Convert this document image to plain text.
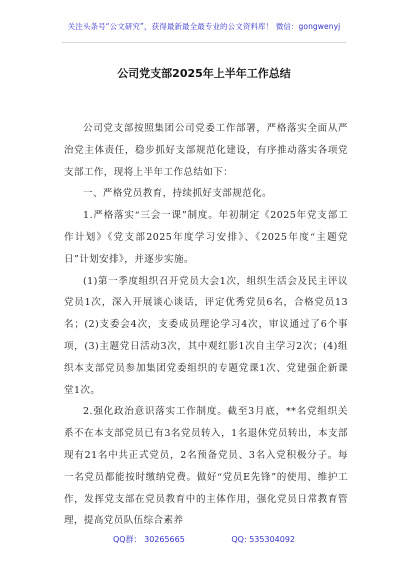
关注头条号“公文研究”，获得最新最全最专业的公文资料库！ 微信：gongwenyj
公司党支部2025年上半年工作总结

公司党支部按照集团公司党委工作部署，严格落实全面从严治党主体责任，稳步抓好支部规范化建设，有序推动落实各项党支部工作，现将上半年工作总结如下：

一、严格党员教育，持续抓好支部规范化。

1.严格落实“三会一课”制度。年初制定《2025年党支部工作计划》《党支部2025年度学习安排》、《2025年度“主题党日”计划安排》，并逐步实施。

(1)第一季度组织召开党员大会1次，组织生活会及民主评议党员1次，深入开展谈心谈话，评定优秀党员6名，合格党员13名；(2)支委会4次，支委成员理论学习4次，审议通过了6个事项，(3)主题党日活动3次，其中观红影1次自主学习2次；(4)组织本支部党员参加集团党委组织的专题党课1次、党建强企新课堂1次。

2.强化政治意识落实工作制度。截至3月底，**名党组织关系不在本支部党员已有3名党员转入，1名退休党员转出，本支部现有21名中共正式党员，2名预备党员、3名入党积极分子。每一名党员都能按时缴纳党费。做好“党员E先锋”的使用、维护工作，发挥党支部在党员教育中的主体作用，强化党员日常教育管理，提高党员队伍综合素养

QQ群： 30265665	QQ: 535304092
